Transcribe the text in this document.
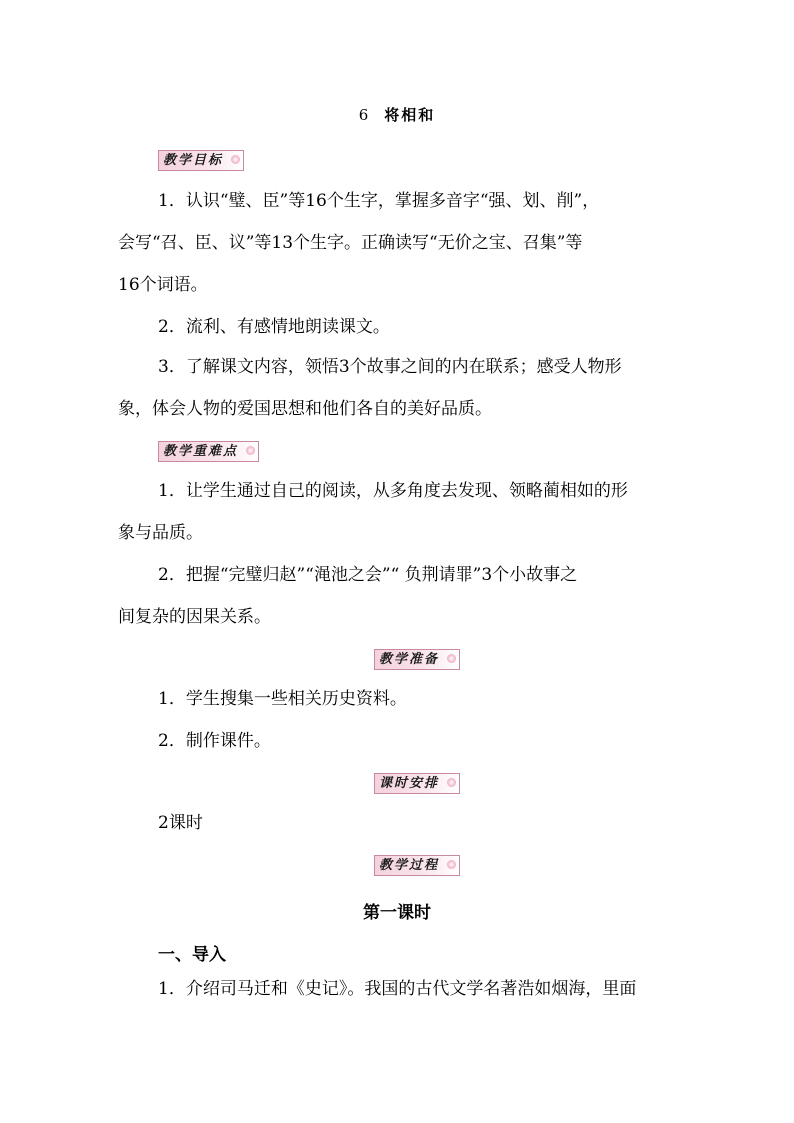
6 将相和
教学目标
1．认识“璧、臣”等16个生字，掌握多音字“强、划、削”，
会写“召、臣、议”等13个生字。正确读写“无价之宝、召集”等
16个词语。
2．流利、有感情地朗读课文。
3．了解课文内容，领悟3个故事之间的内在联系；感受人物形
象，体会人物的爱国思想和他们各自的美好品质。
教学重难点
1．让学生通过自己的阅读，从多角度去发现、领略蔺相如的形
象与品质。
2．把握“完璧归赵”“渑池之会”“ 负荆请罪”3个小故事之
间复杂的因果关系。
教学准备
1．学生搜集一些相关历史资料。
2．制作课件。
课时安排
2课时
教学过程
第一课时
一、导入
1．介绍司马迁和《史记》。我国的古代文学名著浩如烟海，里面
